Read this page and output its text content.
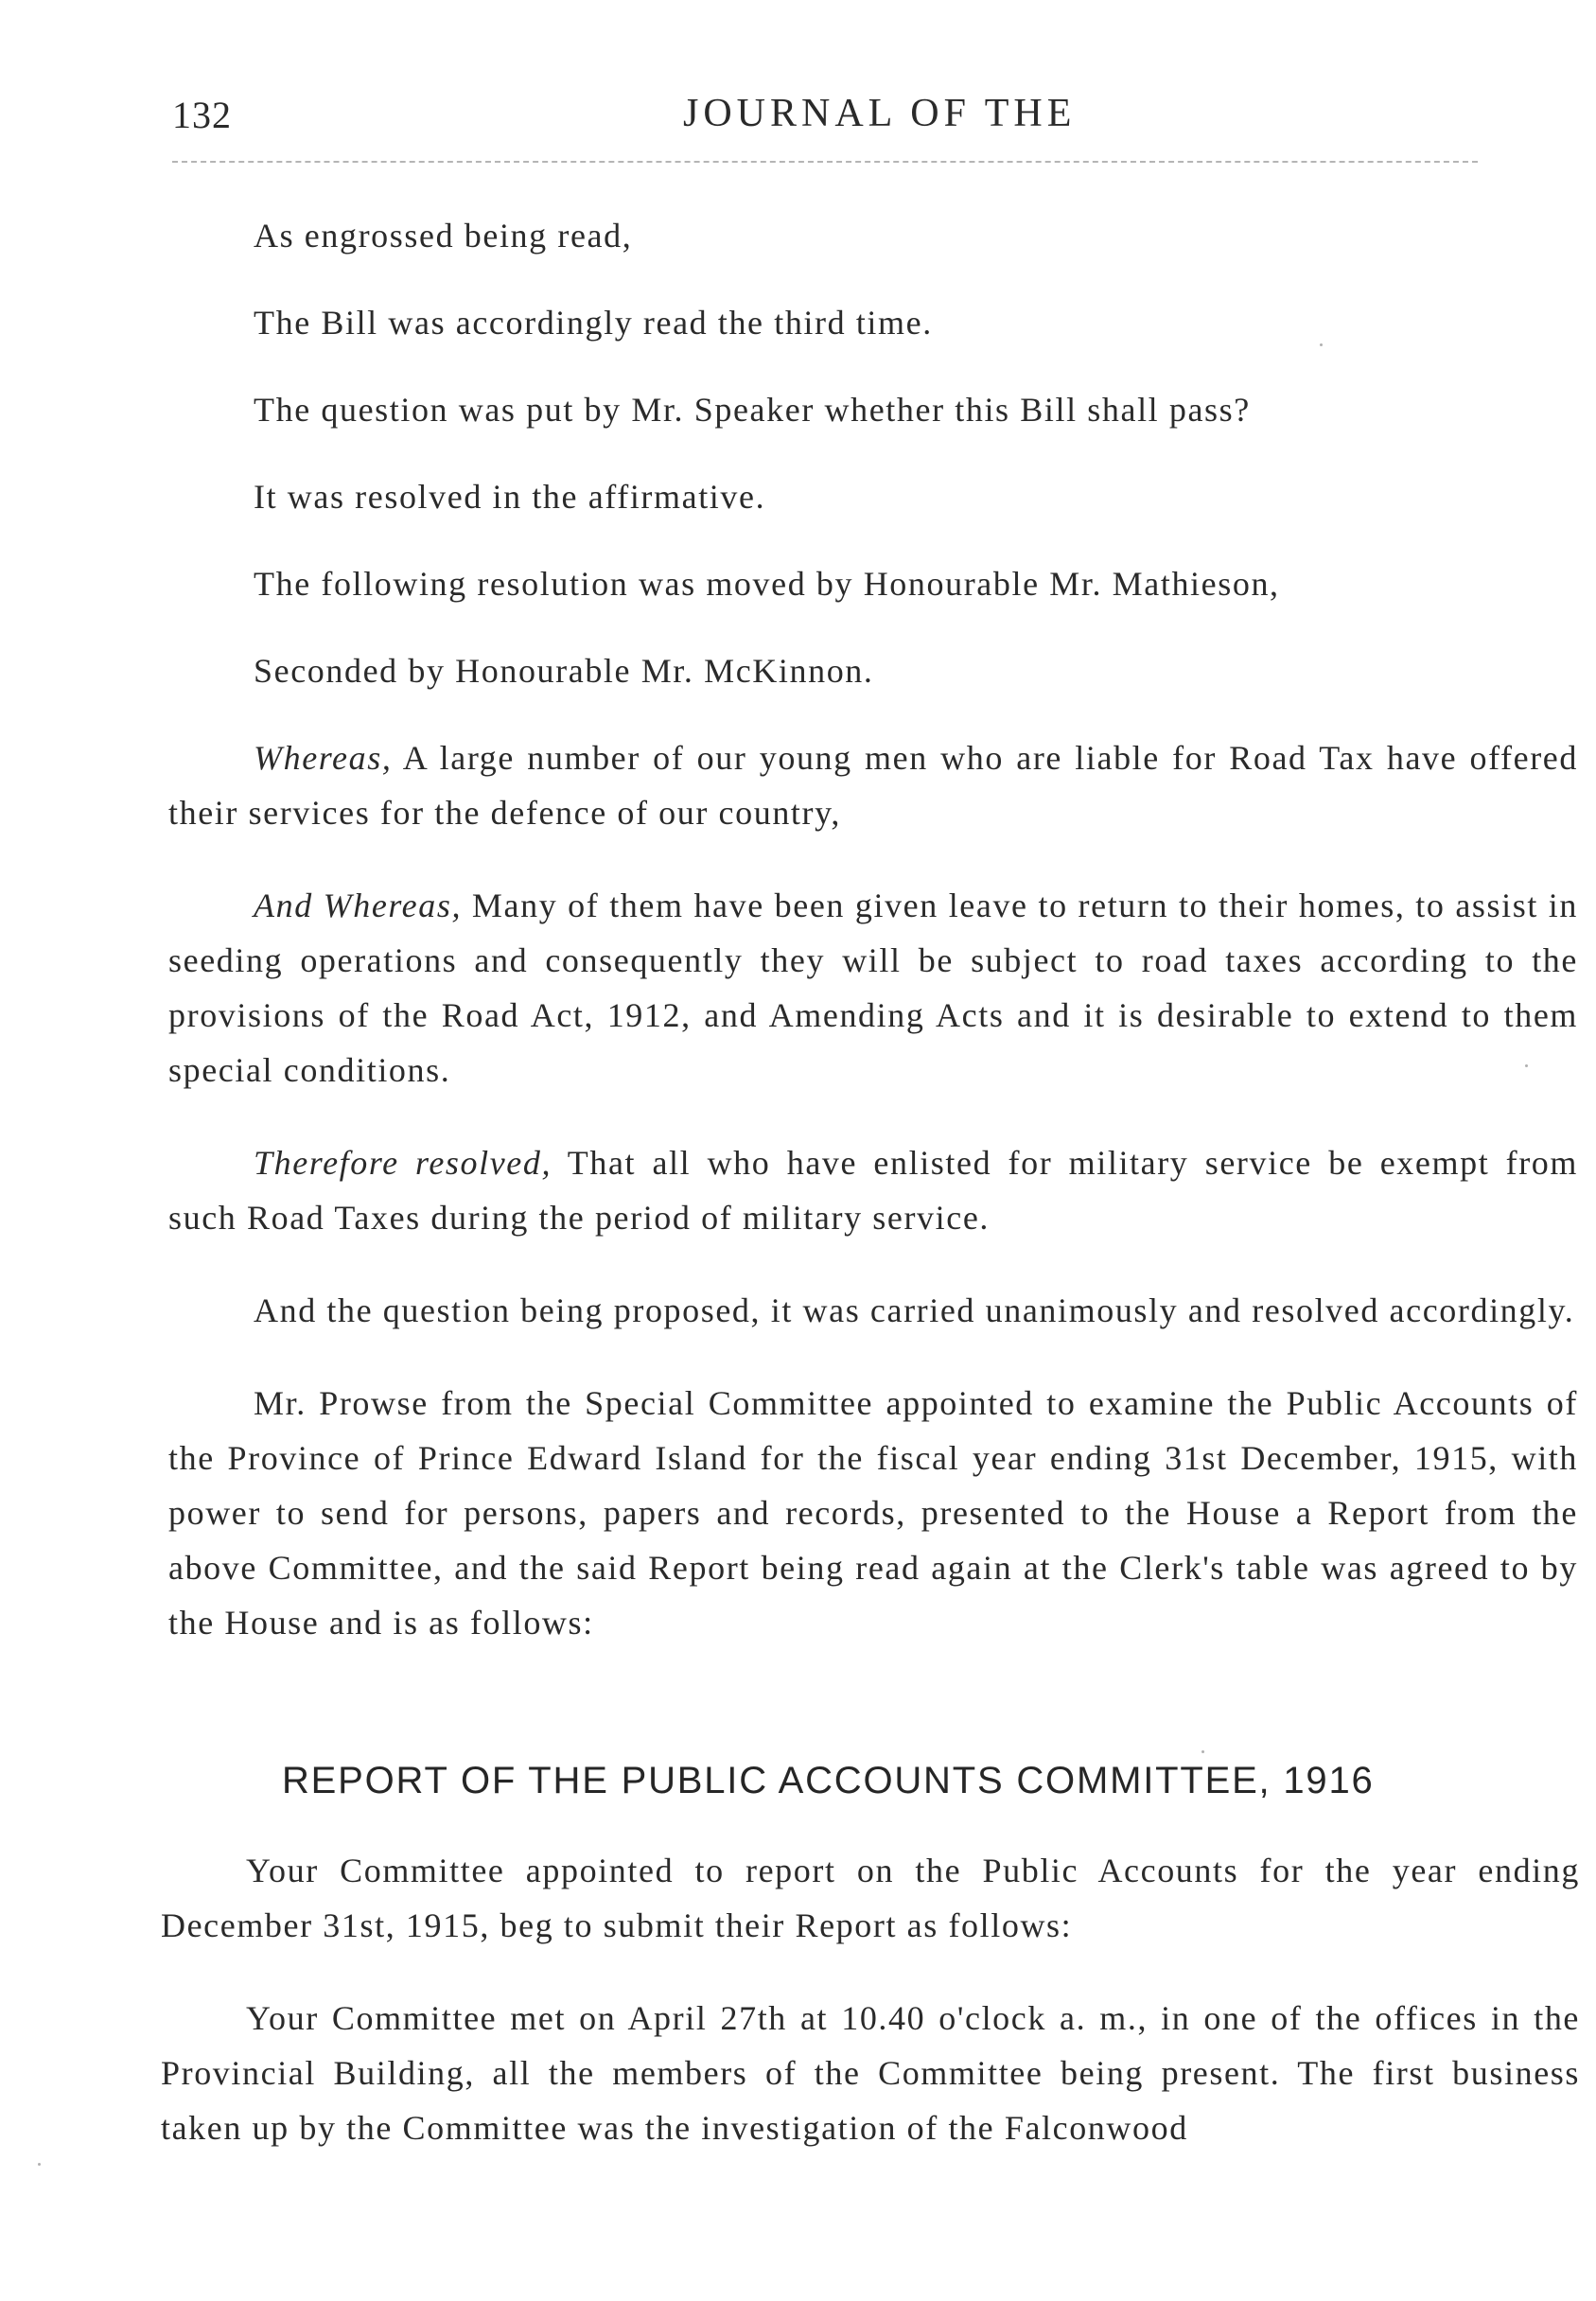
132	JOURNAL OF THE

As engrossed being read,

The Bill was accordingly read the third time.

The question was put by Mr. Speaker whether this Bill shall pass?

It was resolved in the affirmative.

The following resolution was moved by Honourable Mr. Mathieson,

Seconded by Honourable Mr. McKinnon.

Whereas, A large number of our young men who are liable for Road Tax have offered their services for the defence of our country,

And Whereas, Many of them have been given leave to return to their homes, to assist in seeding operations and consequently they will be subject to road taxes according to the provisions of the Road Act, 1912, and Amending Acts and it is desirable to extend to them special conditions.

Therefore resolved, That all who have enlisted for military service be exempt from such Road Taxes during the period of military service.

And the question being proposed, it was carried unanimously and resolved accordingly.

Mr. Prowse from the Special Committee appointed to examine the Public Accounts of the Province of Prince Edward Island for the fiscal year ending 31st December, 1915, with power to send for persons, papers and records, presented to the House a Report from the above Committee, and the said Report being read again at the Clerk's table was agreed to by the House and is as follows:

REPORT OF THE PUBLIC ACCOUNTS COMMITTEE, 1916

Your Committee appointed to report on the Public Accounts for the year ending December 31st, 1915, beg to submit their Report as follows:

Your Committee met on April 27th at 10.40 o'clock a. m., in one of the offices in the Provincial Building, all the members of the Committee being present. The first business taken up by the Committee was the investigation of the Falconwood
